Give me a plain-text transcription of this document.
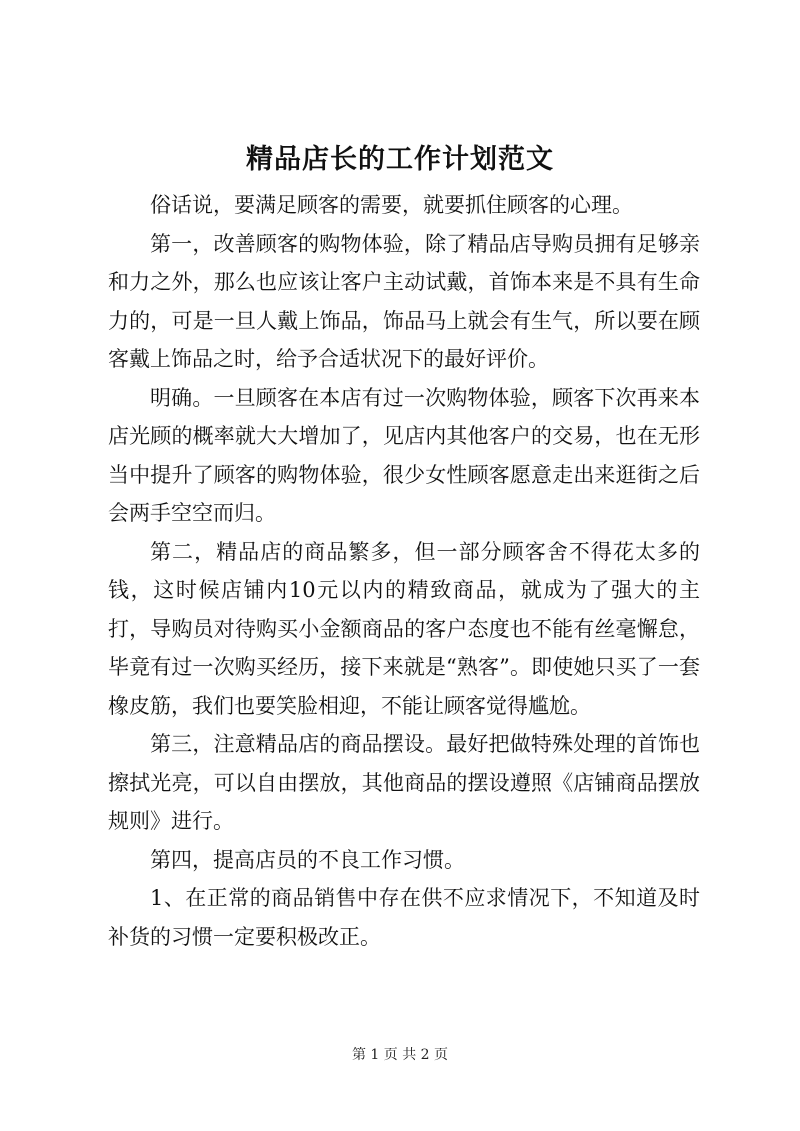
精品店长的工作计划范文

俗话说，要满足顾客的需要，就要抓住顾客的心理。

第一，改善顾客的购物体验，除了精品店导购员拥有足够亲和力之外，那么也应该让客户主动试戴，首饰本来是不具有生命力的，可是一旦人戴上饰品，饰品马上就会有生气，所以要在顾客戴上饰品之时，给予合适状况下的最好评价。

明确。一旦顾客在本店有过一次购物体验，顾客下次再来本店光顾的概率就大大增加了，见店内其他客户的交易，也在无形当中提升了顾客的购物体验，很少女性顾客愿意走出来逛街之后会两手空空而归。

第二，精品店的商品繁多，但一部分顾客舍不得花太多的钱，这时候店铺内10元以内的精致商品，就成为了强大的主打，导购员对待购买小金额商品的客户态度也不能有丝毫懈怠，毕竟有过一次购买经历，接下来就是“熟客”。即使她只买了一套橡皮筋，我们也要笑脸相迎，不能让顾客觉得尴尬。

第三，注意精品店的商品摆设。最好把做特殊处理的首饰也擦拭光亮，可以自由摆放，其他商品的摆设遵照《店铺商品摆放规则》进行。

第四，提高店员的不良工作习惯。

1、在正常的商品销售中存在供不应求情况下，不知道及时补货的习惯一定要积极改正。

第 1 页 共 2 页
